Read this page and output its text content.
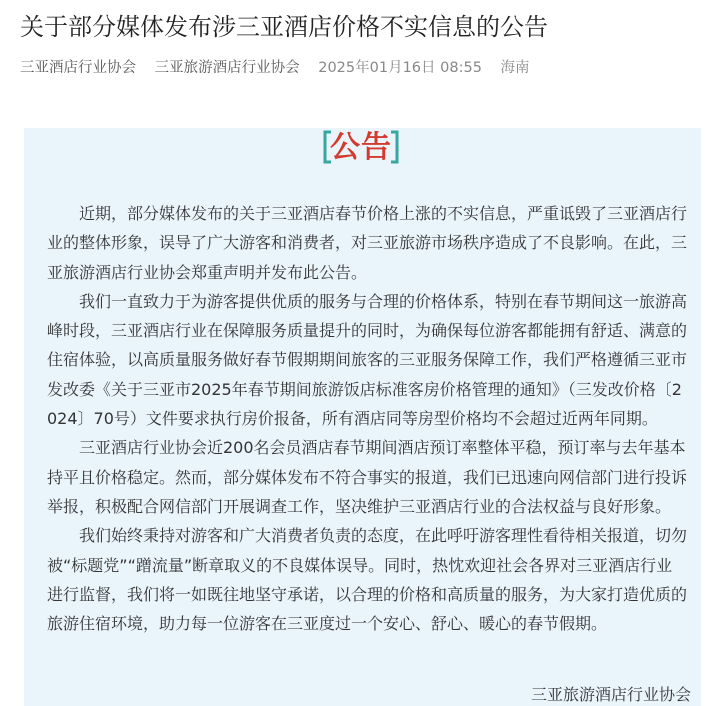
关于部分媒体发布涉三亚酒店价格不实信息的公告
三亚酒店行业协会 三亚旅游酒店行业协会 2025年01月16日 08:55 海南
公告

近期，部分媒体发布的关于三亚酒店春节价格上涨的不实信息，严重诋毁了三亚酒店行业的整体形象，误导了广大游客和消费者，对三亚旅游市场秩序造成了不良影响。在此，三亚旅游酒店行业协会郑重声明并发布此公告。

我们一直致力于为游客提供优质的服务与合理的价格体系，特别在春节期间这一旅游高峰时段，三亚酒店行业在保障服务质量提升的同时，为确保每位游客都能拥有舒适、满意的住宿体验，以高质量服务做好春节假期期间旅客的三亚服务保障工作，我们严格遵循三亚市发改委《关于三亚市2025年春节期间旅游饭店标准客房价格管理的通知》（三发改价格〔2024〕70号）文件要求执行房价报备，所有酒店同等房型价格均不会超过近两年同期。

三亚酒店行业协会近200名会员酒店春节期间酒店预订率整体平稳，预订率与去年基本持平且价格稳定。然而，部分媒体发布不符合事实的报道，我们已迅速向网信部门进行投诉举报，积极配合网信部门开展调查工作，坚决维护三亚酒店行业的合法权益与良好形象。

我们始终秉持对游客和广大消费者负责的态度，在此呼吁游客理性看待相关报道，切勿被“标题党”“蹭流量”断章取义的不良媒体误导。同时，热忱欢迎社会各界对三亚酒店行业进行监督，我们将一如既往地坚守承诺，以合理的价格和高质量的服务，为大家打造优质的旅游住宿环境，助力每一位游客在三亚度过一个安心、舒心、暖心的春节假期。

三亚旅游酒店行业协会
